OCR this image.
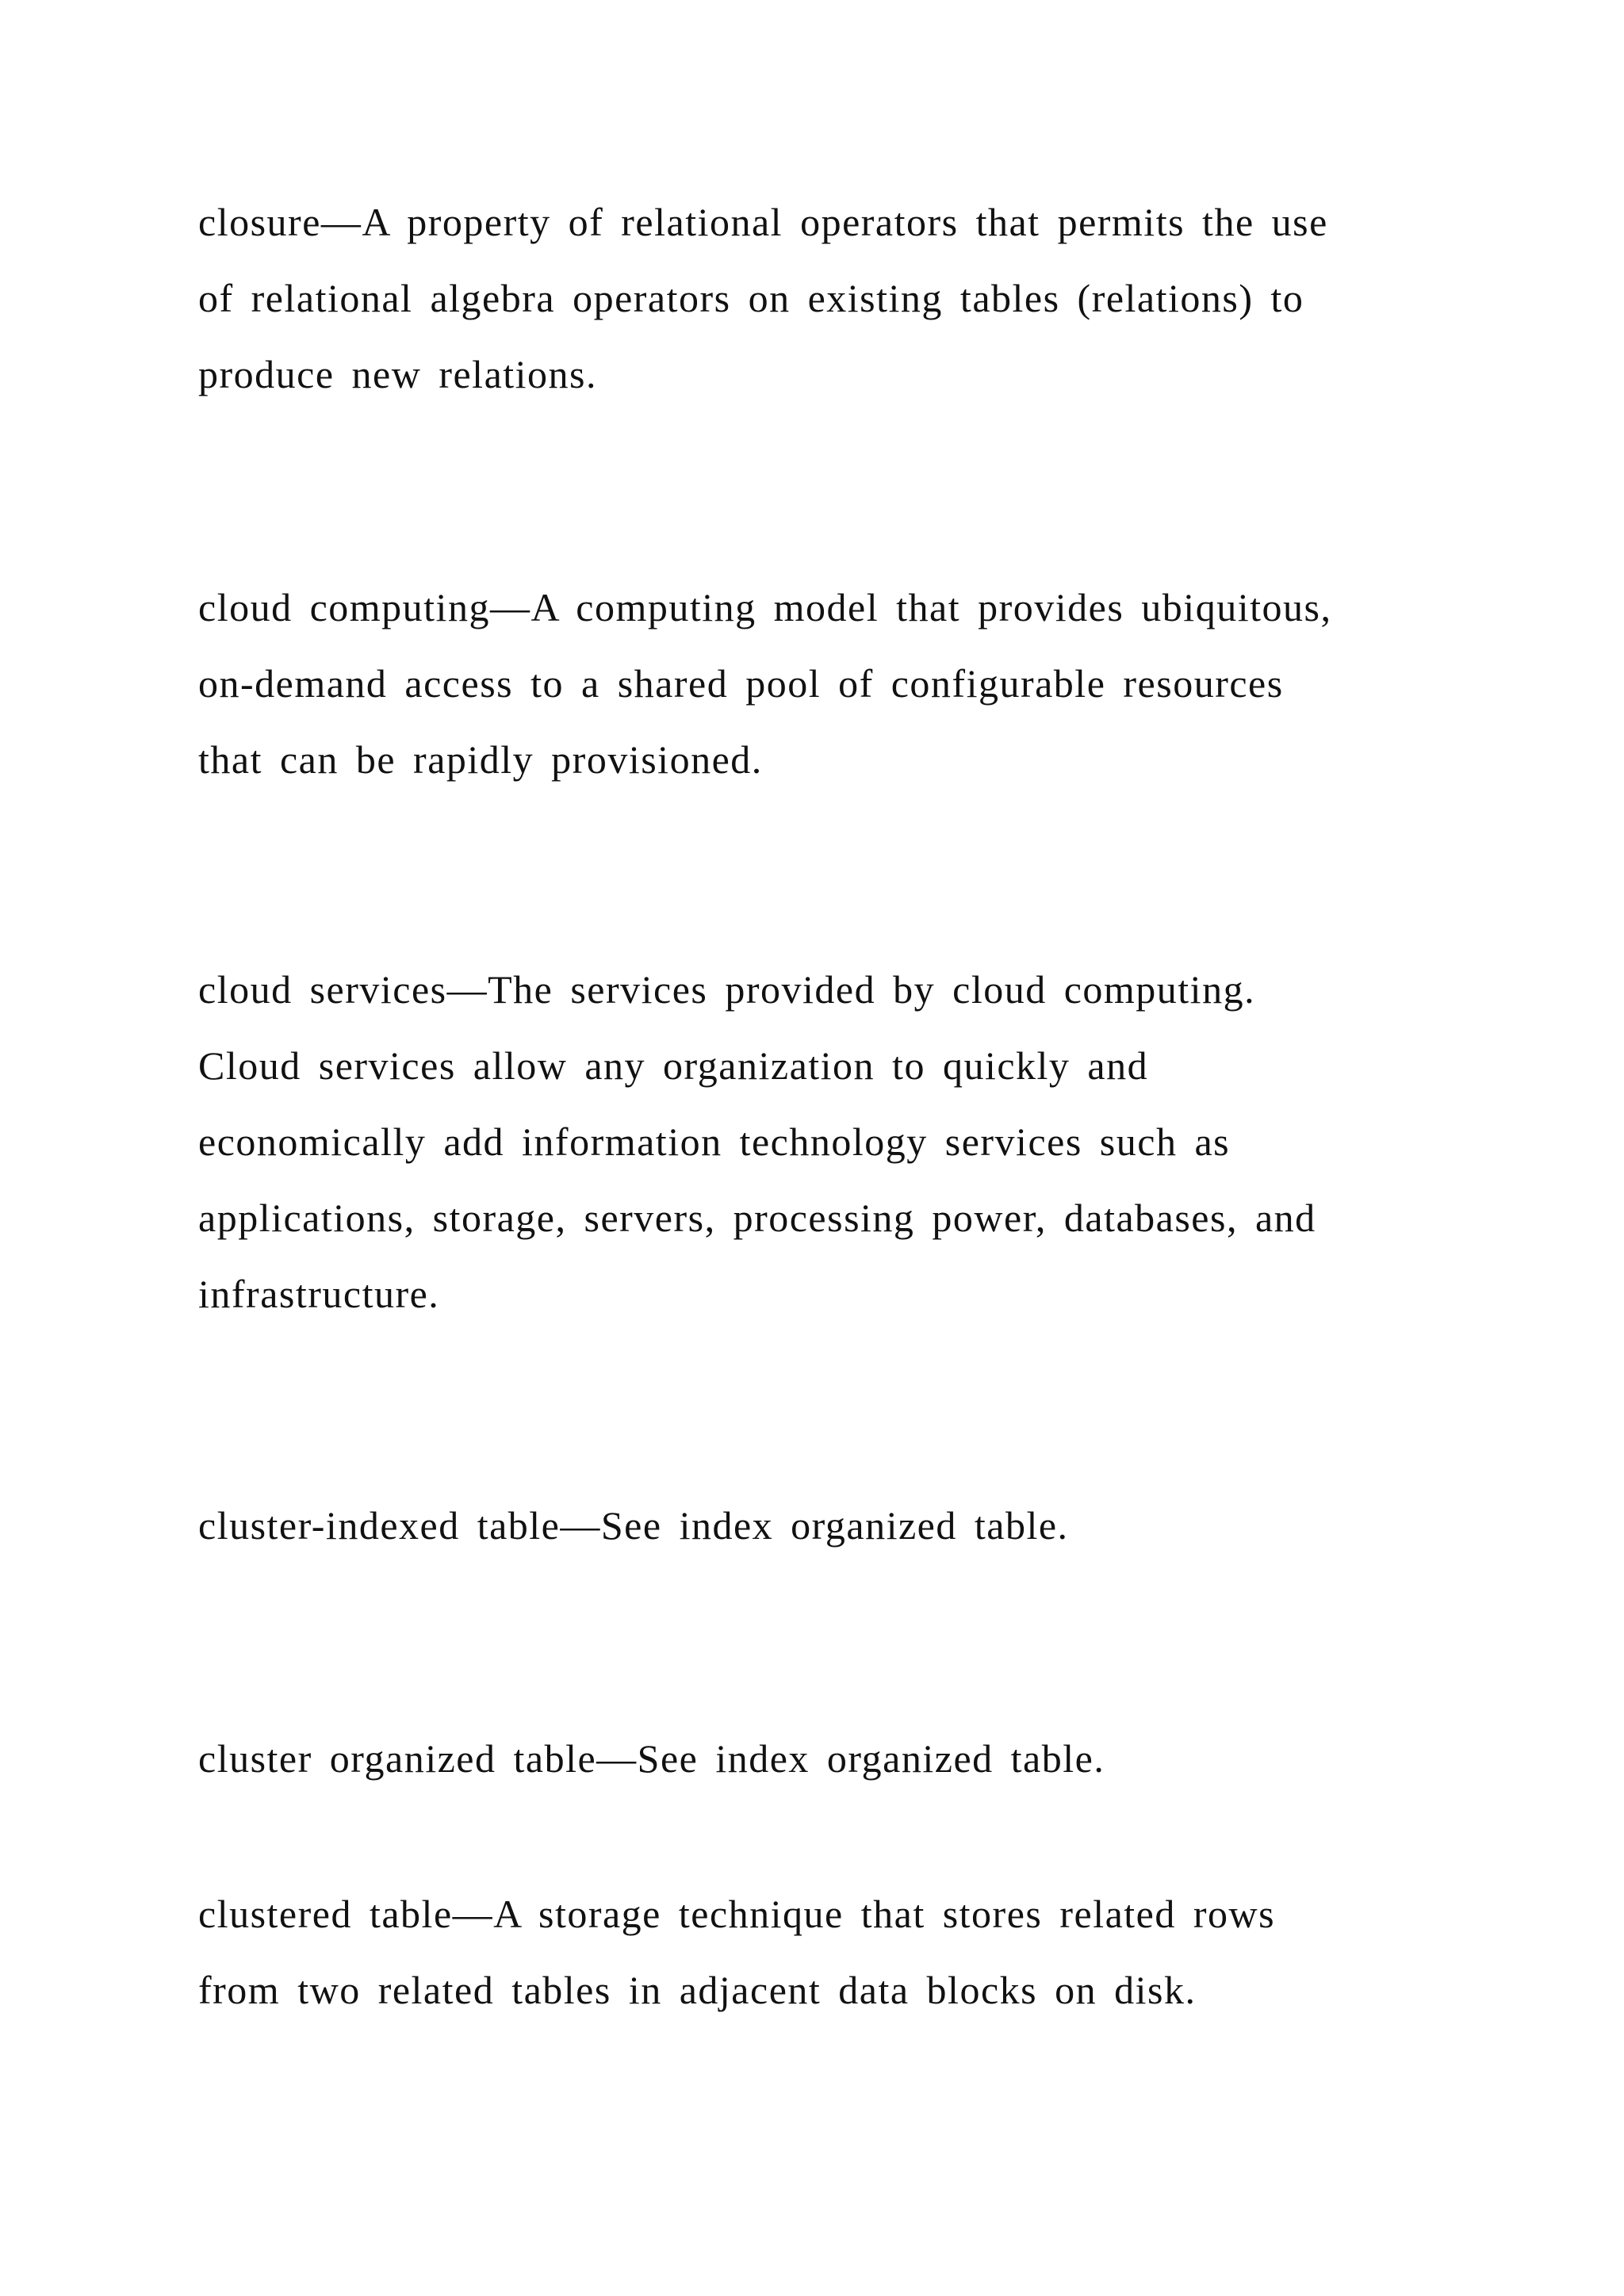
closure—A property of relational operators that permits the use
of relational algebra operators on existing tables (relations) to
produce new relations.

cloud computing—A computing model that provides ubiquitous,
on-demand access to a shared pool of configurable resources
that can be rapidly provisioned.

cloud services—The services provided by cloud computing.
Cloud services allow any organization to quickly and
economically add information technology services such as
applications, storage, servers, processing power, databases, and
infrastructure.

cluster-indexed table—See index organized table.

cluster organized table—See index organized table.

clustered table—A storage technique that stores related rows
from two related tables in adjacent data blocks on disk.
